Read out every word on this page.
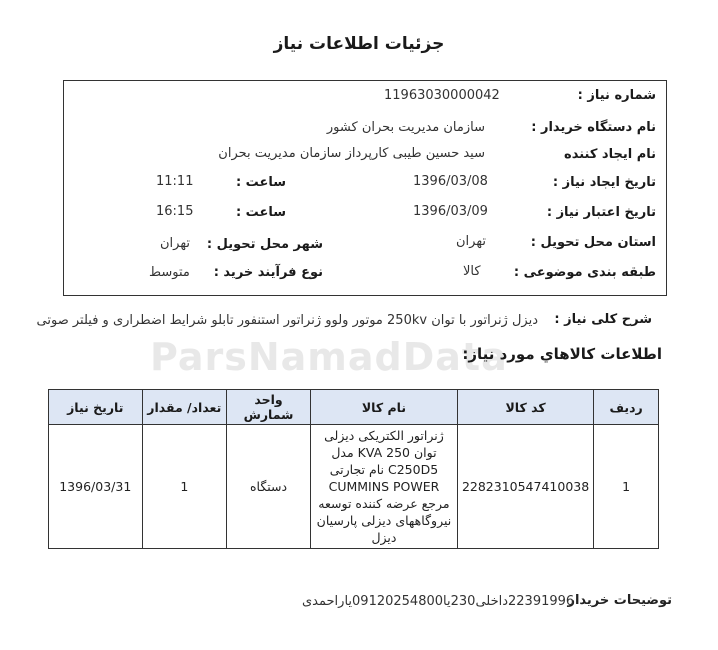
جزئیات اطلاعات نیاز
شماره نیاز :
11963030000042
نام دستگاه خریدار :
سازمان مدیریت بحران کشور
نام ایجاد کننده
سید حسین طیبی کارپرداز سازمان مدیریت بحران
تاریخ ایجاد نیاز :
1396/03/08
ساعت :
11:11
تاریخ اعتبار نیاز :
1396/03/09
ساعت :
16:15
استان محل تحویل :
تهران
شهر محل تحویل :
تهران
طبقه بندی موضوعی :
کالا
نوع فرآیند خرید :
متوسط
شرح کلی نیاز :
دیزل ژنراتور با توان 250kv موتور ولوو ژنراتور استنفور تابلو شرایط اضطراری و فیلتر صوتی
ParsNamadData
اطلاعات کالاهاي مورد نياز:
ردیف	کد کالا	نام کالا	واحد شمارش	تعداد/ مقدار	تاریخ نیاز
1	2282310547410038	ژنراتور الکتریکی دیزلی توان 250 KVA مدل C250D5 نام تجارتی CUMMINS POWER مرجع عرضه کننده توسعه نیروگاههای دیزلی پارسیان دیزل	دستگاه	1	1396/03/31
توضیحات خریدار
22391996داخلی230یا09120254800یاراحمدی
